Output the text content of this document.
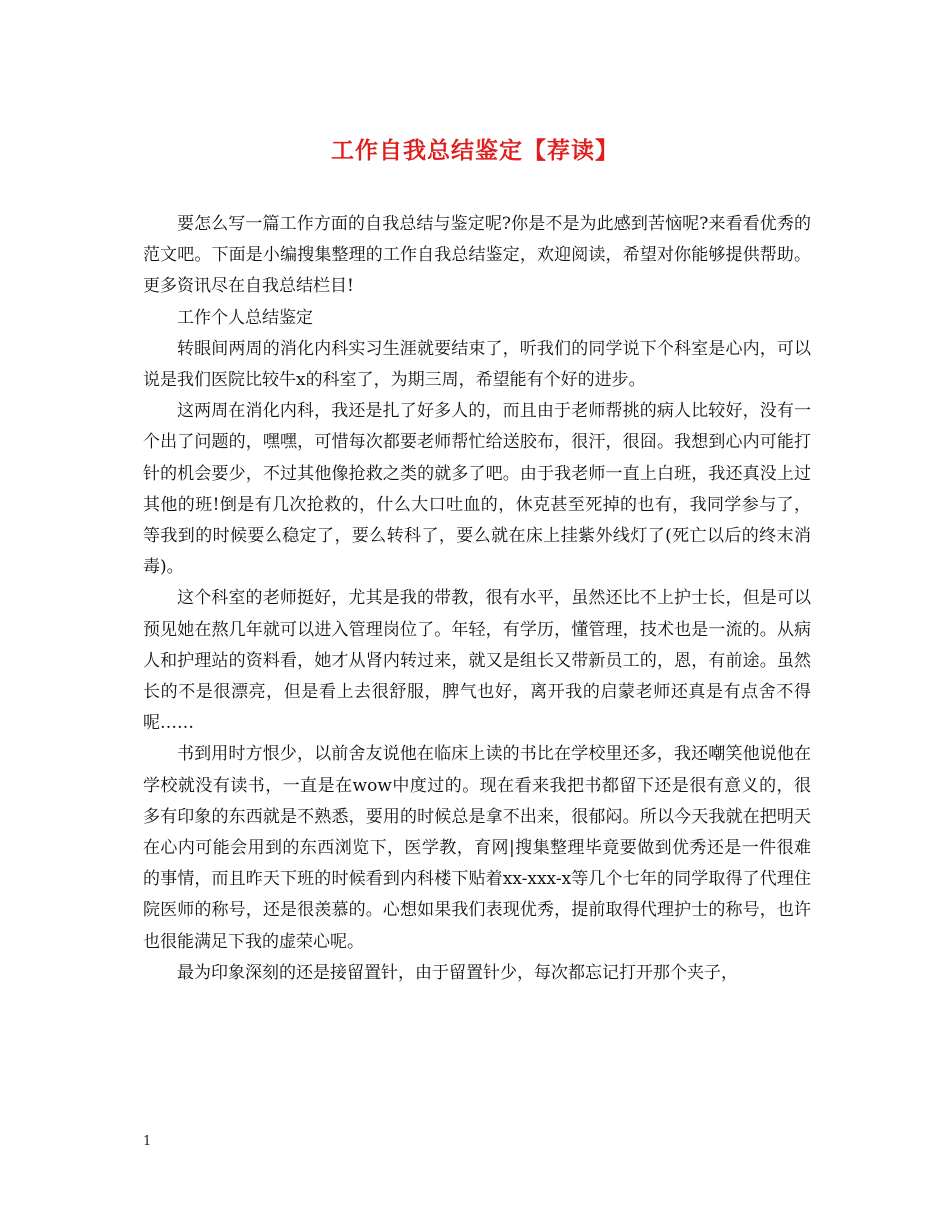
工作自我总结鉴定【荐读】

要怎么写一篇工作方面的自我总结与鉴定呢?你是不是为此感到苦恼呢?来看看优秀的范文吧。下面是小编搜集整理的工作自我总结鉴定，欢迎阅读，希望对你能够提供帮助。更多资讯尽在自我总结栏目!

工作个人总结鉴定

转眼间两周的消化内科实习生涯就要结束了，听我们的同学说下个科室是心内，可以说是我们医院比较牛x的科室了，为期三周，希望能有个好的进步。

这两周在消化内科，我还是扎了好多人的，而且由于老师帮挑的病人比较好，没有一个出了问题的，嘿嘿，可惜每次都要老师帮忙给送胶布，很汗，很囧。我想到心内可能打针的机会要少，不过其他像抢救之类的就多了吧。由于我老师一直上白班，我还真没上过其他的班!倒是有几次抢救的，什么大口吐血的，休克甚至死掉的也有，我同学参与了，等我到的时候要么稳定了，要么转科了，要么就在床上挂紫外线灯了(死亡以后的终末消毒)。

这个科室的老师挺好，尤其是我的带教，很有水平，虽然还比不上护士长，但是可以预见她在熬几年就可以进入管理岗位了。年轻，有学历，懂管理，技术也是一流的。从病人和护理站的资料看，她才从肾内转过来，就又是组长又带新员工的，恩，有前途。虽然长的不是很漂亮，但是看上去很舒服，脾气也好，离开我的启蒙老师还真是有点舍不得呢……

书到用时方恨少，以前舍友说他在临床上读的书比在学校里还多，我还嘲笑他说他在学校就没有读书，一直是在wow中度过的。现在看来我把书都留下还是很有意义的，很多有印象的东西就是不熟悉，要用的时候总是拿不出来，很郁闷。所以今天我就在把明天在心内可能会用到的东西浏览下，医学教，育网|搜集整理毕竟要做到优秀还是一件很难的事情，而且昨天下班的时候看到内科楼下贴着xx-xxx-x等几个七年的同学取得了代理住院医师的称号，还是很羡慕的。心想如果我们表现优秀，提前取得代理护士的称号，也许也很能满足下我的虚荣心呢。

最为印象深刻的还是接留置针，由于留置针少，每次都忘记打开那个夹子，

1
